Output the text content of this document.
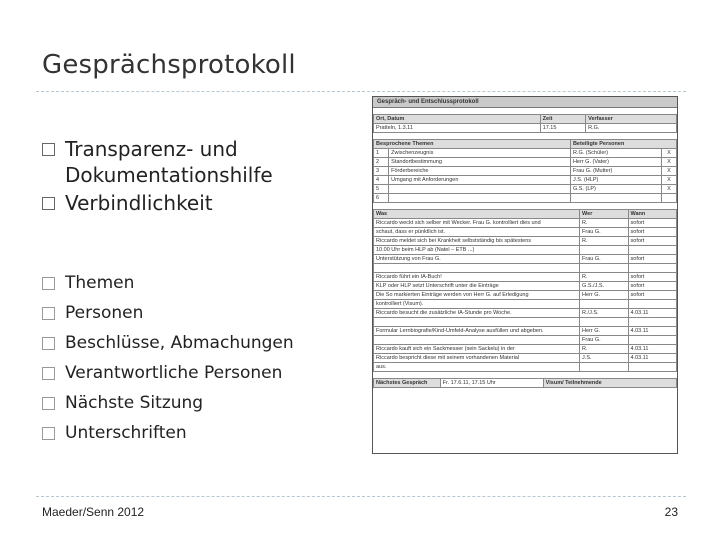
Gesprächsprotokoll
Transparenz- und
Dokumentationshilfe
Verbindlichkeit
Themen
Personen
Beschlüsse, Abmachungen
Verantwortliche Personen
Nächste Sitzung
Unterschriften
Gespräch- und Entschlussprotokoll
Ort, Datum	Zeit	Verfasser
Pratteln, 1.3.11	17.15	R.G.
Besprochene Themen		Beteiligte Personen	
1	Zwischenzeugnis	R.G. (Schüler)	X
2	Standortbestimmung	Herr G. (Vater)	X
3	Förderbereiche	Frau G. (Mutter)	X
4	Umgang mit Anforderungen	J.S. (HLP)	X
5		G.S. (LP)	X
6			
Was	Wer	Wann
Riccardo weckt sich selber mit Wecker. Frau G. kontrolliert dies und	R.	sofort
schaut, dass er pünktlich ist.	Frau G.	sofort
Riccardo meldet sich bei Krankheit selbstständig bis spätestens	R.	sofort
10.00 Uhr beim HLP ab (Natel – ETB ...)		
Unterstützung von Frau G.	Frau G.	sofort

Riccardo führt ein IA-Buch!	R.	sofort
KLP oder HLP setzt Unterschrift unter die Einträge	G.S./J.S.	sofort
Die So markierten Einträge werden von Herr G. auf Erledigung	Herr G.	sofort
kontrolliert (Visum).		
Riccardo besucht die zusätzliche IA-Stunde pro Woche.	R./J.S.	4.03.11

Formular Lernbiografie/Kind-Umfeld-Analyse ausfüllen und abgeben.	Herr G.	4.03.11
	Frau G.	
Riccardo kauft sich ein Sackmesser (sein Sackelu) in der	R.	4.03.11
Riccardo bespricht diese mit seinem vorhandenen Material	J.S.	4.03.11
aus.		
Nächstes Gespräch	Fr. 17.6.11, 17.15 Uhr	Visum/ Teilnehmende
Maeder/Senn 2012	23
